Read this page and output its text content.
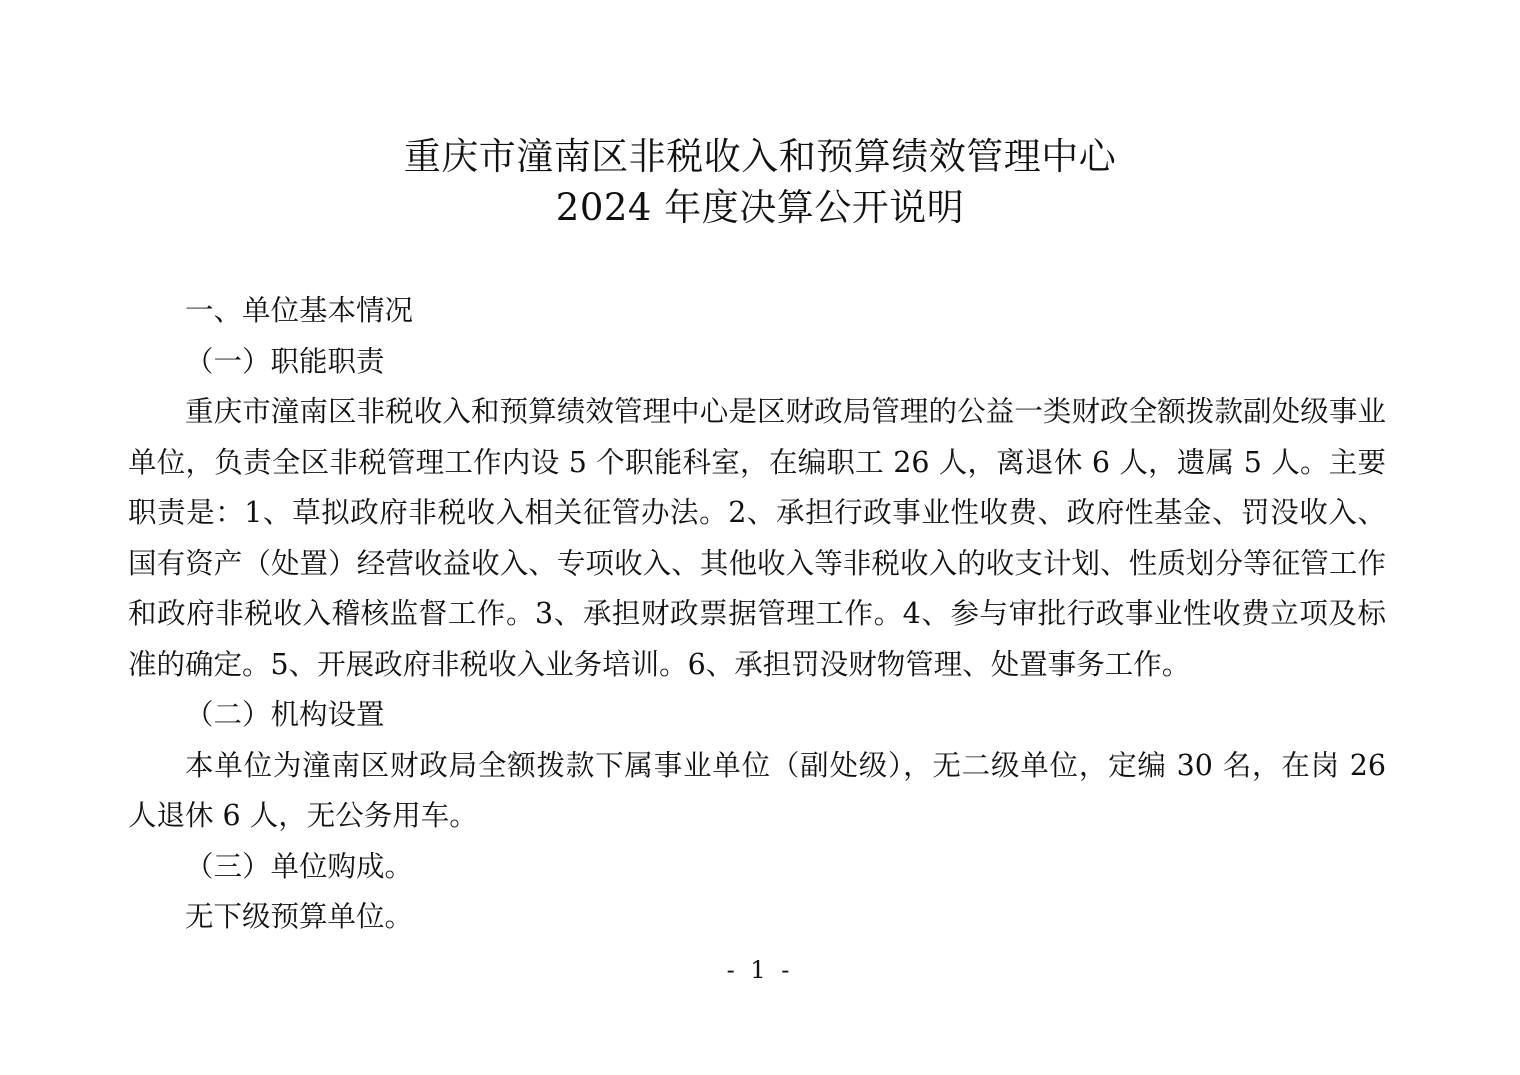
重庆市潼南区非税收入和预算绩效管理中心
2024 年度决算公开说明

一、单位基本情况

（一）职能职责

重庆市潼南区非税收入和预算绩效管理中心是区财政局管理的公益一类财政全额拨款副处级事业单位，负责全区非税管理工作内设 5 个职能科室，在编职工 26 人，离退休 6 人，遗属 5 人。主要职责是：1、草拟政府非税收入相关征管办法。2、承担行政事业性收费、政府性基金、罚没收入、国有资产（处置）经营收益收入、专项收入、其他收入等非税收入的收支计划、性质划分等征管工作和政府非税收入稽核监督工作。3、承担财政票据管理工作。4、参与审批行政事业性收费立项及标准的确定。5、开展政府非税收入业务培训。6、承担罚没财物管理、处置事务工作。

（二）机构设置

本单位为潼南区财政局全额拨款下属事业单位（副处级），无二级单位，定编 30 名，在岗 26 人退休 6 人，无公务用车。

（三）单位购成。

无下级预算单位。

- 1 -
